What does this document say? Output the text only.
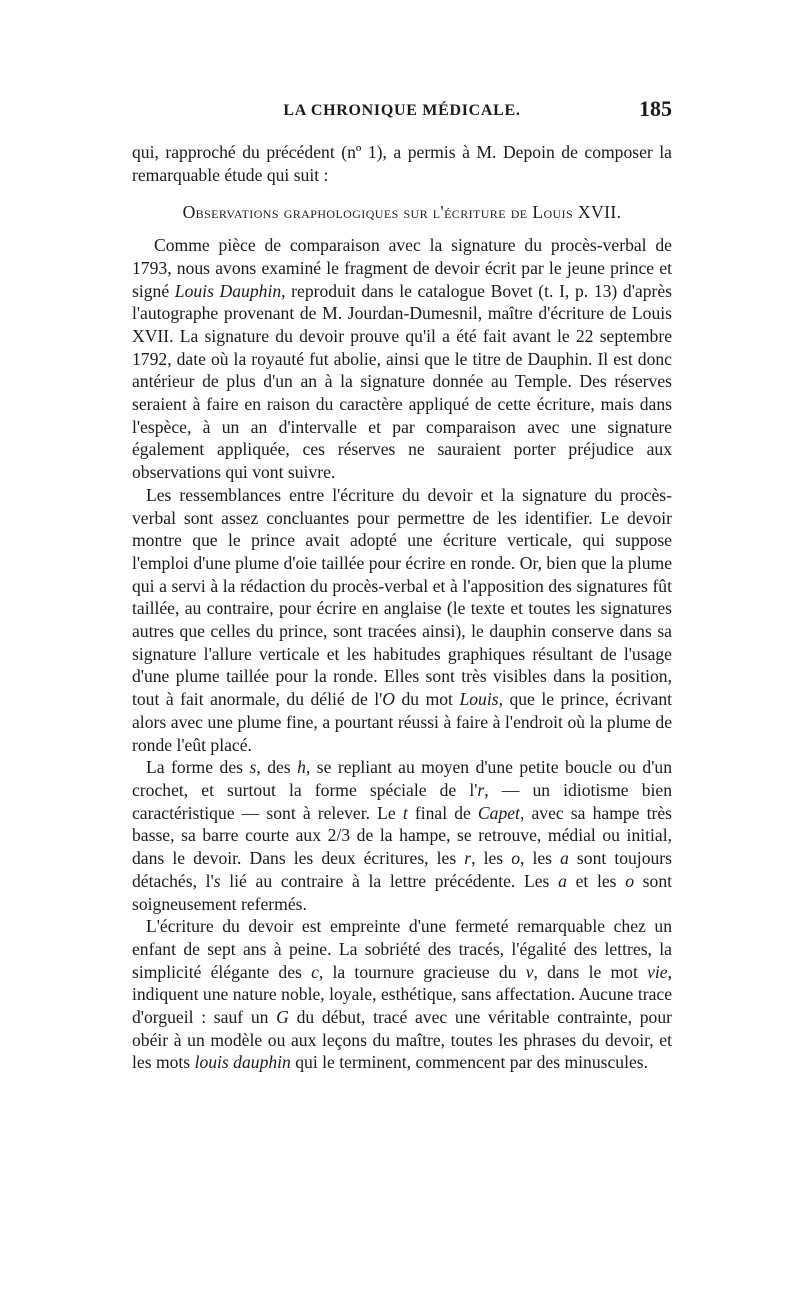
LA CHRONIQUE MÉDICALE.	185

qui, rapproché du précédent (nº 1), a permis à M. Depoin de composer la remarquable étude qui suit :

Observations graphologiques sur l'écriture de Louis XVII.

Comme pièce de comparaison avec la signature du procès-verbal de 1793, nous avons examiné le fragment de devoir écrit par le jeune prince et signé Louis Dauphin, reproduit dans le catalogue Bovet (t. I, p. 13) d'après l'autographe provenant de M. Jourdan-Dumesnil, maître d'écriture de Louis XVII. La signature du devoir prouve qu'il a été fait avant le 22 septembre 1792, date où la royauté fut abolie, ainsi que le titre de Dauphin. Il est donc antérieur de plus d'un an à la signature donnée au Temple. Des réserves seraient à faire en raison du caractère appliqué de cette écriture, mais dans l'espèce, à un an d'intervalle et par comparaison avec une signature également appliquée, ces réserves ne sauraient porter préjudice aux observations qui vont suivre.

Les ressemblances entre l'écriture du devoir et la signature du procès-verbal sont assez concluantes pour permettre de les identifier. Le devoir montre que le prince avait adopté une écriture verticale, qui suppose l'emploi d'une plume d'oie taillée pour écrire en ronde. Or, bien que la plume qui a servi à la rédaction du procès-verbal et à l'apposition des signatures fût taillée, au contraire, pour écrire en anglaise (le texte et toutes les signatures autres que celles du prince, sont tracées ainsi), le dauphin conserve dans sa signature l'allure verticale et les habitudes graphiques résultant de l'usage d'une plume taillée pour la ronde. Elles sont très visibles dans la position, tout à fait anormale, du délié de l'O du mot Louis, que le prince, écrivant alors avec une plume fine, a pourtant réussi à faire à l'endroit où la plume de ronde l'eût placé.

La forme des s, des h, se repliant au moyen d'une petite boucle ou d'un crochet, et surtout la forme spéciale de l'r, — un idiotisme bien caractéristique — sont à relever. Le t final de Capet, avec sa hampe très basse, sa barre courte aux 2/3 de la hampe, se retrouve, médial ou initial, dans le devoir. Dans les deux écritures, les r, les o, les a sont toujours détachés, l's lié au contraire à la lettre précédente. Les a et les o sont soigneusement refermés.

L'écriture du devoir est empreinte d'une fermeté remarquable chez un enfant de sept ans à peine. La sobriété des tracés, l'égalité des lettres, la simplicité élégante des c, la tournure gracieuse du v, dans le mot vie, indiquent une nature noble, loyale, esthétique, sans affectation. Aucune trace d'orgueil : sauf un G du début, tracé avec une véritable contrainte, pour obéir à un modèle ou aux leçons du maître, toutes les phrases du devoir, et les mots louis dauphin qui le terminent, commencent par des minuscules.
